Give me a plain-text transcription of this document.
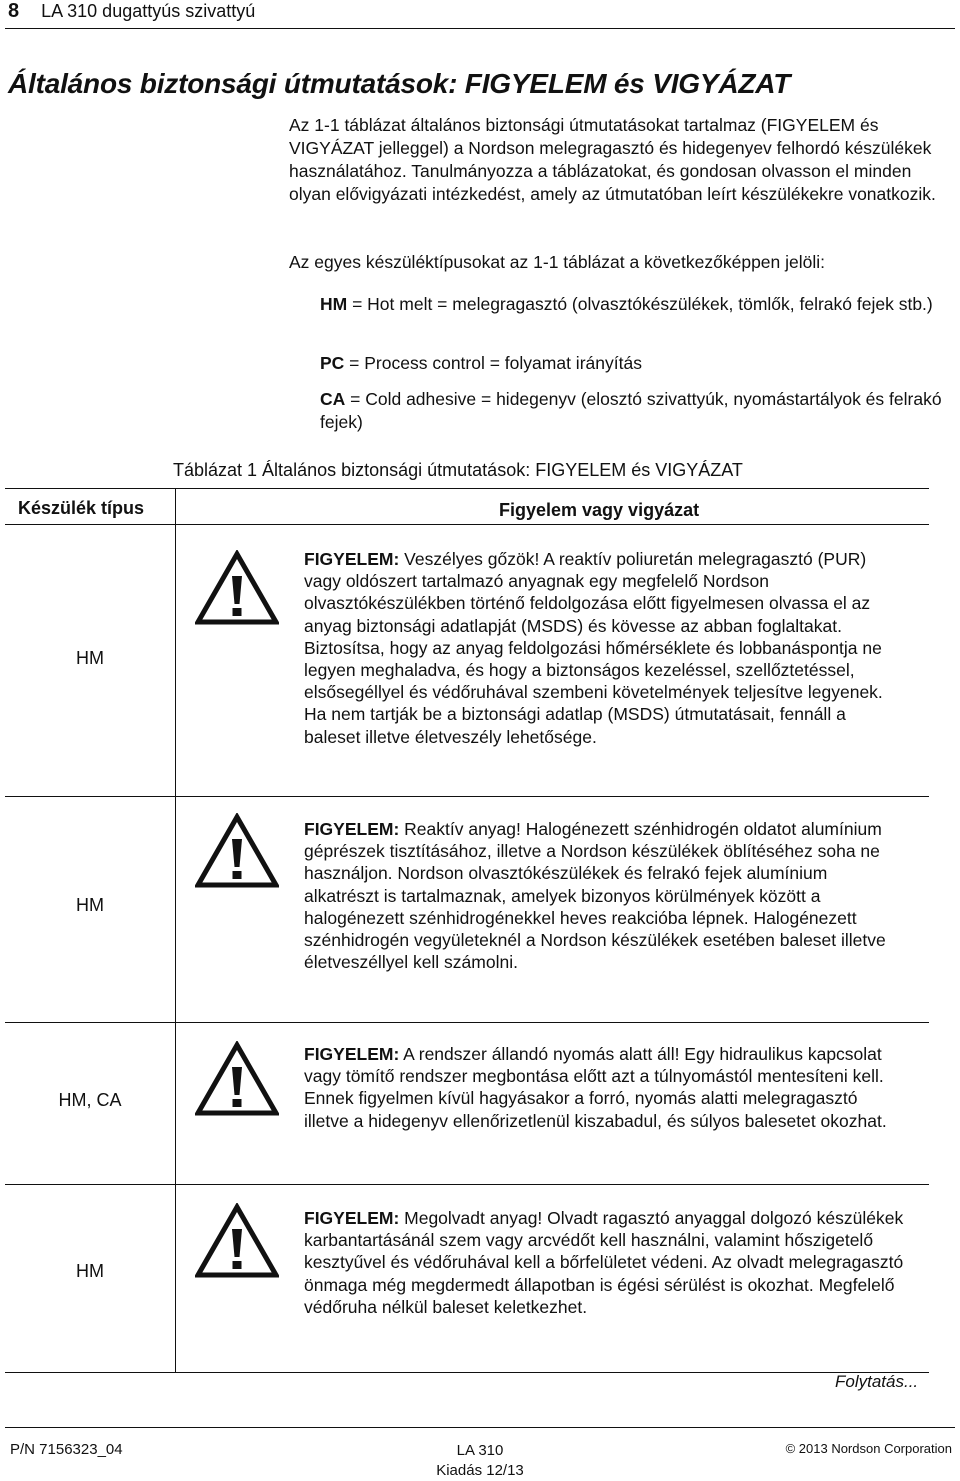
8 LA 310 dugattyús szivattyú
Általános biztonsági útmutatások: FIGYELEM és VIGYÁZAT

Az 1-1 táblázat általános biztonsági útmutatásokat tartalmaz (FIGYELEM és VIGYÁZAT jelleggel) a Nordson melegragasztó és hidegenyev felhordó készülékek használatához. Tanulmányozza a táblázatokat, és gondosan olvasson el minden olyan elővigyázati intézkedést, amely az útmutatóban leírt készülékekre vonatkozik.

Az egyes készüléktípusokat az 1-1 táblázat a következőképpen jelöli:

HM = Hot melt = melegragasztó (olvasztókészülékek, tömlők, felrakó fejek stb.)

PC = Process control = folyamat irányítás

CA = Cold adhesive = hidegenyv (elosztó szivattyúk, nyomástartályok és felrakó fejek)

Táblázat 1 Általános biztonsági útmutatások: FIGYELEM és VIGYÁZAT
Készülék típus	Figyelem vagy vigyázat
HM
FIGYELEM: Veszélyes gőzök! A reaktív poliuretán melegragasztó (PUR) vagy oldószert tartalmazó anyagnak egy megfelelő Nordson olvasztókészülékben történő feldolgozása előtt figyelmesen olvassa el az anyag biztonsági adatlapját (MSDS) és kövesse az abban foglaltakat. Biztosítsa, hogy az anyag feldolgozási hőmérséklete és lobbanáspontja ne legyen meghaladva, és hogy a biztonságos kezeléssel, szellőztetéssel, elsősegéllyel és védőruhával szembeni követelmények teljesítve legyenek. Ha nem tartják be a biztonsági adatlap (MSDS) útmutatásait, fennáll a baleset illetve életveszély lehetősége.
HM
FIGYELEM: Reaktív anyag! Halogénezett szénhidrogén oldatot alumínium géprészek tisztításához, illetve a Nordson készülékek öblítéséhez soha ne használjon. Nordson olvasztókészülékek és felrakó fejek alumínium alkatrészt is tartalmaznak, amelyek bizonyos körülmények között a halogénezett szénhidrogénekkel heves reakcióba lépnek. Halogénezett szénhidrogén vegyületeknél a Nordson készülékek esetében baleset illetve életveszéllyel kell számolni.
HM, CA
FIGYELEM: A rendszer állandó nyomás alatt áll! Egy hidraulikus kapcsolat vagy tömítő rendszer megbontása előtt azt a túlnyomástól mentesíteni kell. Ennek figyelmen kívül hagyásakor a forró, nyomás alatti melegragasztó illetve a hidegenyv ellenőrizetlenül kiszabadul, és súlyos balesetet okozhat.
HM
FIGYELEM: Megolvadt anyag! Olvadt ragasztó anyaggal dolgozó készülékek karbantartásánál szem vagy arcvédőt kell használni, valamint hőszigetelő kesztyűvel és védőruhával kell a bőrfelületet védeni. Az olvadt melegragasztó önmaga még megdermedt állapotban is égési sérülést is okozhat. Megfelelő védőruha nélkül baleset keletkezhet.
Folytatás...
P/N 7156323_04	LA 310
Kiadás 12/13
© 2013 Nordson Corporation
